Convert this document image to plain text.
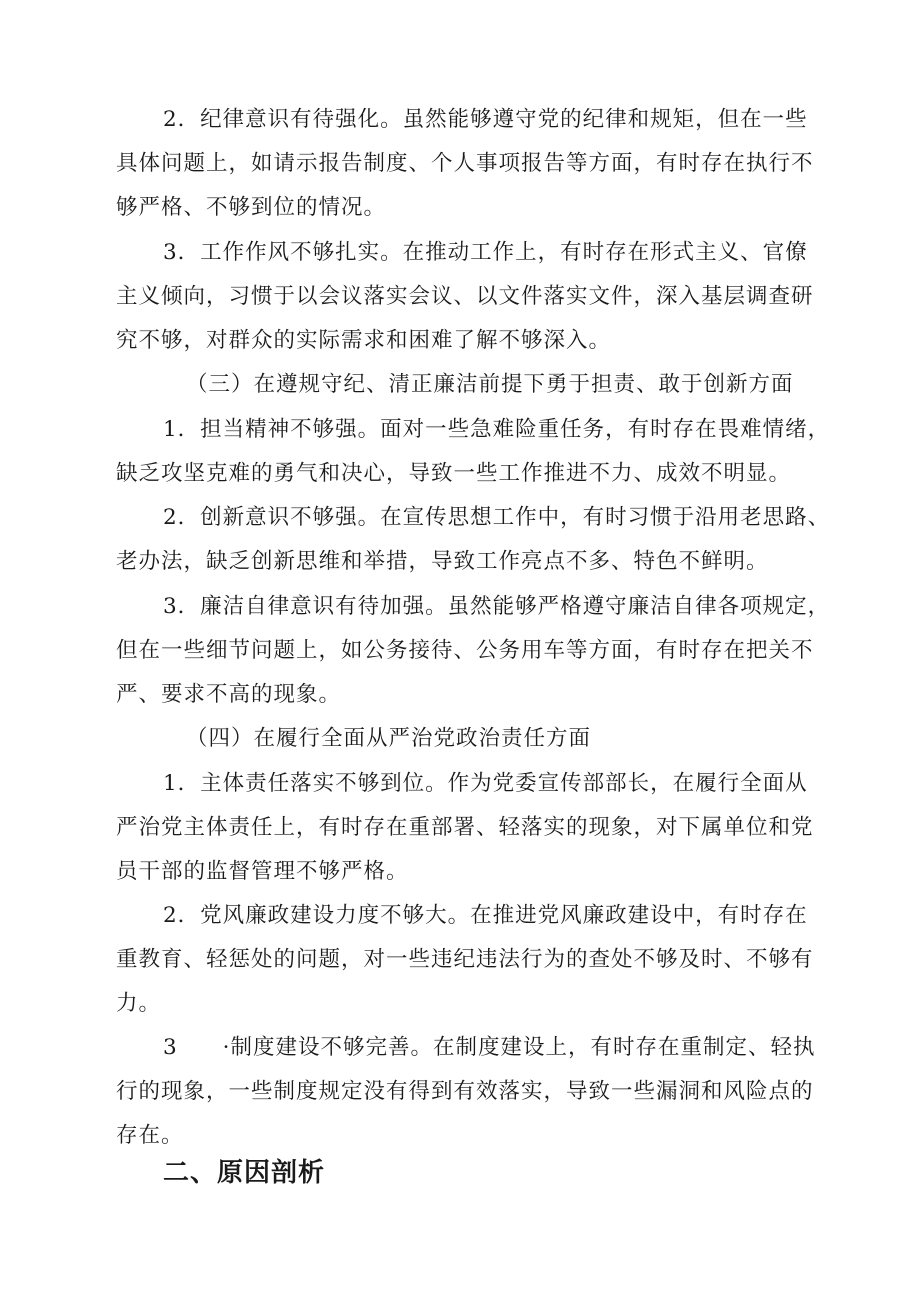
2．纪律意识有待强化。虽然能够遵守党的纪律和规矩，但在一些
具体问题上，如请示报告制度、个人事项报告等方面，有时存在执行不
够严格、不够到位的情况。
3．工作作风不够扎实。在推动工作上，有时存在形式主义、官僚
主义倾向，习惯于以会议落实会议、以文件落实文件，深入基层调查研
究不够，对群众的实际需求和困难了解不够深入。
（三）在遵规守纪、清正廉洁前提下勇于担责、敢于创新方面
1．担当精神不够强。面对一些急难险重任务，有时存在畏难情绪，
缺乏攻坚克难的勇气和决心，导致一些工作推进不力、成效不明显。
2．创新意识不够强。在宣传思想工作中，有时习惯于沿用老思路、
老办法，缺乏创新思维和举措，导致工作亮点不多、特色不鲜明。
3．廉洁自律意识有待加强。虽然能够严格遵守廉洁自律各项规定，
但在一些细节问题上，如公务接待、公务用车等方面，有时存在把关不
严、要求不高的现象。
（四）在履行全面从严治党政治责任方面
1．主体责任落实不够到位。作为党委宣传部部长，在履行全面从
严治党主体责任上，有时存在重部署、轻落实的现象，对下属单位和党
员干部的监督管理不够严格。
2．党风廉政建设力度不够大。在推进党风廉政建设中，有时存在
重教育、轻惩处的问题，对一些违纪违法行为的查处不够及时、不够有
力。
3　　·制度建设不够完善。在制度建设上，有时存在重制定、轻执
行的现象，一些制度规定没有得到有效落实，导致一些漏洞和风险点的
存在。
二、原因剖析
